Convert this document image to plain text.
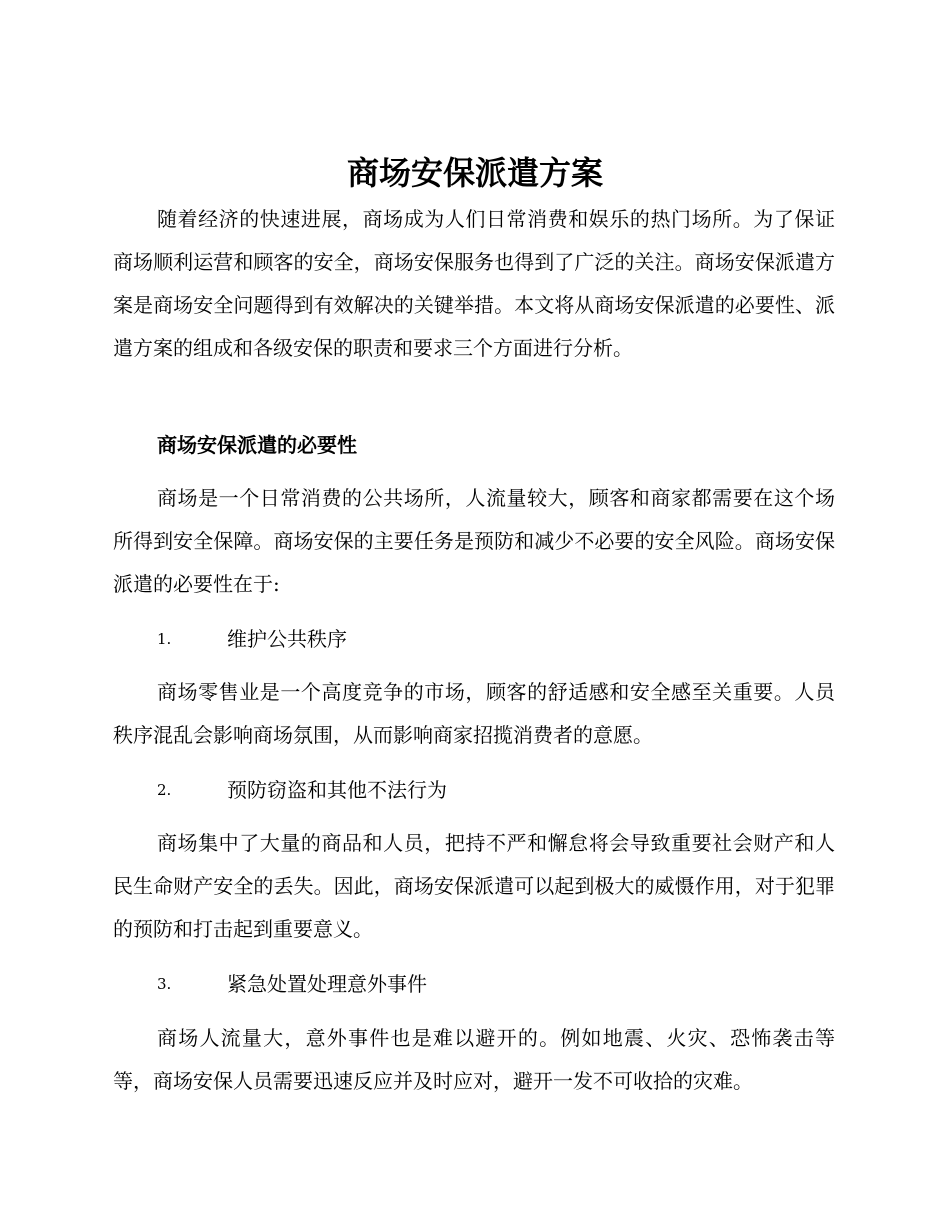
商场安保派遣方案

随着经济的快速进展，商场成为人们日常消费和娱乐的热门场所。为了保证商场顺利运营和顾客的安全，商场安保服务也得到了广泛的关注。商场安保派遣方案是商场安全问题得到有效解决的关键举措。本文将从商场安保派遣的必要性、派遣方案的组成和各级安保的职责和要求三个方面进行分析。

商场安保派遣的必要性

商场是一个日常消费的公共场所，人流量较大，顾客和商家都需要在这个场所得到安全保障。商场安保的主要任务是预防和减少不必要的安全风险。商场安保派遣的必要性在于:

1.	维护公共秩序

商场零售业是一个高度竞争的市场，顾客的舒适感和安全感至关重要。人员秩序混乱会影响商场氛围，从而影响商家招揽消费者的意愿。

2.	预防窃盗和其他不法行为

商场集中了大量的商品和人员，把持不严和懈怠将会导致重要社会财产和人民生命财产安全的丢失。因此，商场安保派遣可以起到极大的威慑作用，对于犯罪的预防和打击起到重要意义。

3.	紧急处置处理意外事件

商场人流量大，意外事件也是难以避开的。例如地震、火灾、恐怖袭击等等，商场安保人员需要迅速反应并及时应对，避开一发不可收拾的灾难。
